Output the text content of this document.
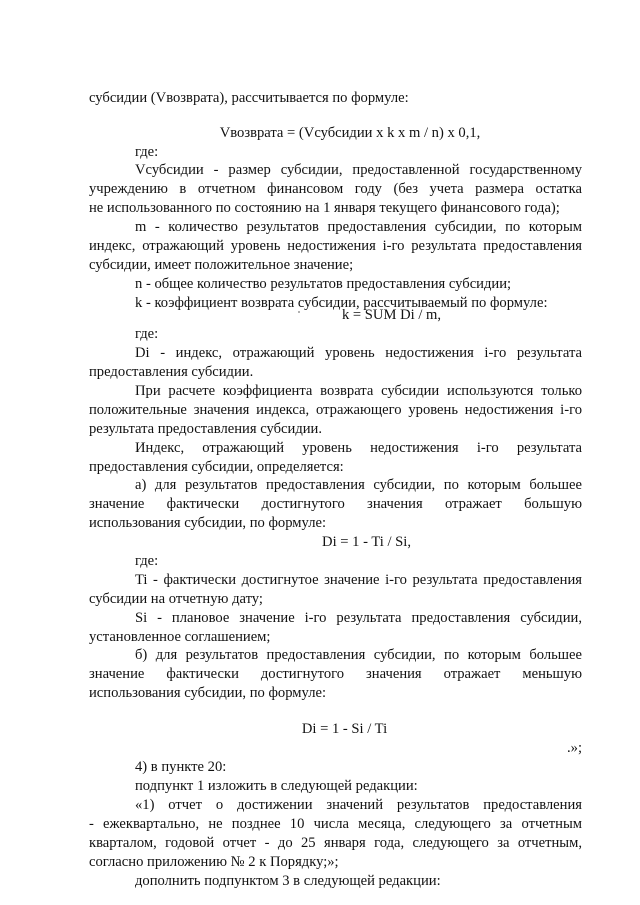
субсидии (Vвозврата), рассчитывается по формуле:
Vвозврата = (Vсубсидии x k x m / n) x 0,1,
где:
Vсубсидии - размер субсидии, предоставленной государственному
учреждению в отчетном финансовом году (без учета размера остатка
не использованного по состоянию на 1 января текущего финансового года);
m - количество результатов предоставления субсидии, по которым
индекс, отражающий уровень недостижения i-го результата предоставления
субсидии, имеет положительное значение;
n - общее количество результатов предоставления субсидии;
k - коэффициент возврата субсидии, рассчитываемый по формуле:
k = SUM Di / m,
где:
Di - индекс, отражающий уровень недостижения i-го результата
предоставления субсидии.
При расчете коэффициента возврата субсидии используются только
положительные значения индекса, отражающего уровень недостижения i-го
результата предоставления субсидии.
Индекс, отражающий уровень недостижения i-го результата
предоставления субсидии, определяется:
а) для результатов предоставления субсидии, по которым большее
значение фактически достигнутого значения отражает большую
использования субсидии, по формуле:
Di = 1 - Ti / Si,
где:
Ti - фактически достигнутое значение i-го результата предоставления
субсидии на отчетную дату;
Si - плановое значение i-го результата предоставления субсидии,
установленное соглашением;
б) для результатов предоставления субсидии, по которым большее
значение фактически достигнутого значения отражает меньшую
использования субсидии, по формуле:
Di = 1 - Si / Ti
.»;
4) в пункте 20:
подпункт 1 изложить в следующей редакции:
«1) отчет о достижении значений результатов предоставления
- ежеквартально, не позднее 10 числа месяца, следующего за отчетным
кварталом, годовой отчет - до 25 января года, следующего за отчетным,
согласно приложению № 2 к Порядку;»;
дополнить подпунктом 3 в следующей редакции:
